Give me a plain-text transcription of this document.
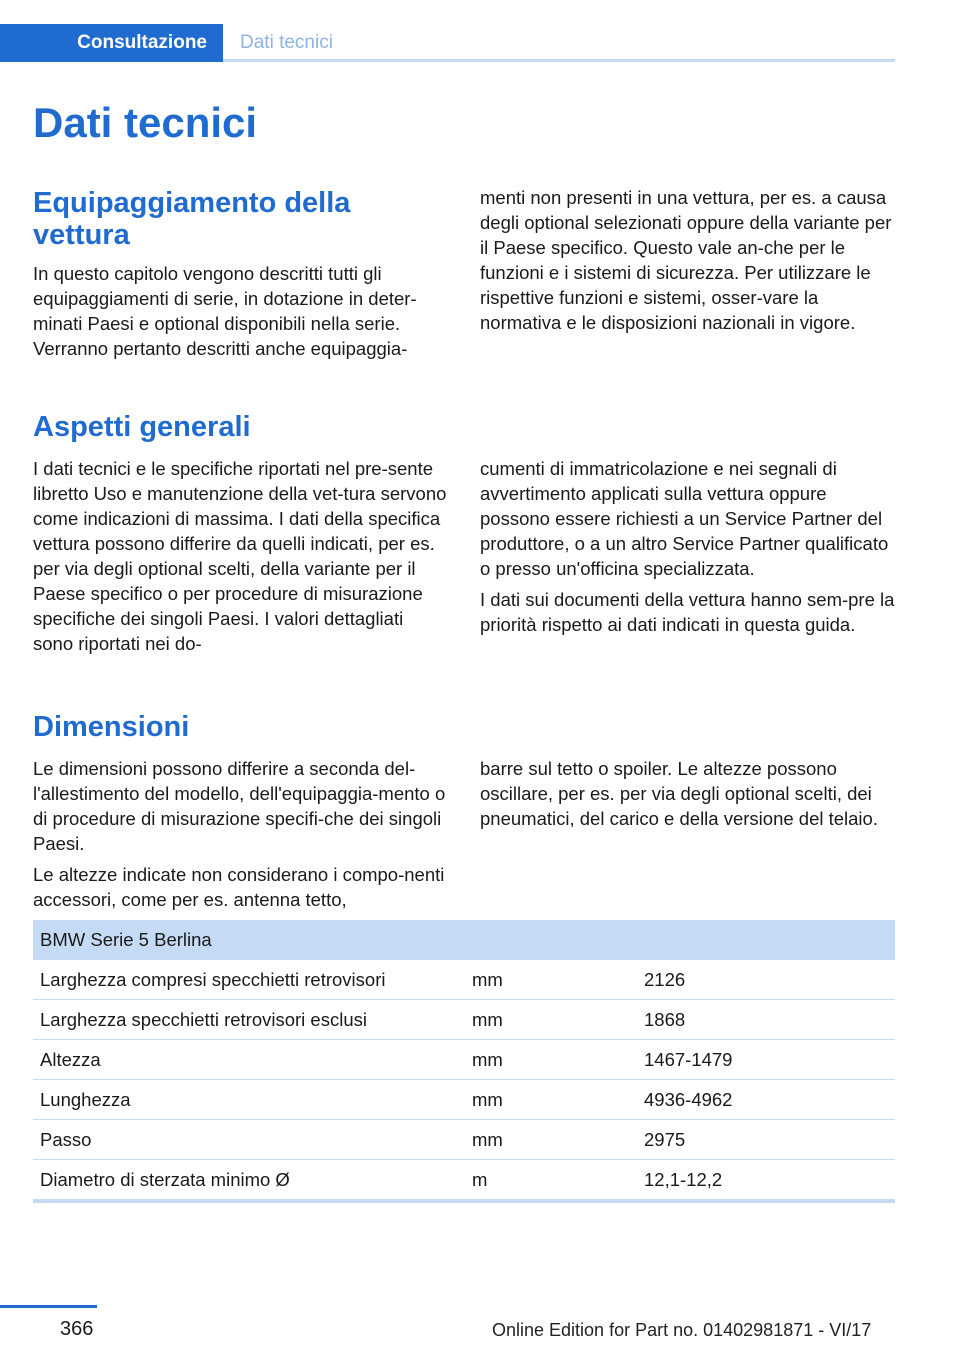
Consultazione	Dati tecnici
Dati tecnici
Equipaggiamento della
vettura

In questo capitolo vengono descritti tutti gli equipaggiamenti di serie, in dotazione in deter-minati Paesi e optional disponibili nella serie. Verranno pertanto descritti anche equipaggia-

menti non presenti in una vettura, per es. a causa degli optional selezionati oppure della variante per il Paese specifico. Questo vale an-che per le funzioni e i sistemi di sicurezza. Per utilizzare le rispettive funzioni e sistemi, osser-vare la normativa e le disposizioni nazionali in vigore.

Aspetti generali

I dati tecnici e le specifiche riportati nel pre-sente libretto Uso e manutenzione della vet-tura servono come indicazioni di massima. I dati della specifica vettura possono differire da quelli indicati, per es. per via degli optional scelti, della variante per il Paese specifico o per procedure di misurazione specifiche dei singoli Paesi. I valori dettagliati sono riportati nei do-

cumenti di immatricolazione e nei segnali di avvertimento applicati sulla vettura oppure possono essere richiesti a un Service Partner del produttore, o a un altro Service Partner qualificato o presso un'officina specializzata.

I dati sui documenti della vettura hanno sem-pre la priorità rispetto ai dati indicati in questa guida.

Dimensioni

Le dimensioni possono differire a seconda del-l'allestimento del modello, dell'equipaggia-mento o di procedure di misurazione specifi-che dei singoli Paesi.

Le altezze indicate non considerano i compo-nenti accessori, come per es. antenna tetto,

barre sul tetto o spoiler. Le altezze possono oscillare, per es. per via degli optional scelti, dei pneumatici, del carico e della versione del telaio.

BMW Serie 5 Berlina		
Larghezza compresi specchietti retrovisori	mm	2126
Larghezza specchietti retrovisori esclusi	mm	1868
Altezza	mm	1467-1479
Lunghezza	mm	4936-4962
Passo	mm	2975
Diametro di sterzata minimo Ø	m	12,1-12,2
366	Online Edition for Part no. 01402981871 - VI/17
